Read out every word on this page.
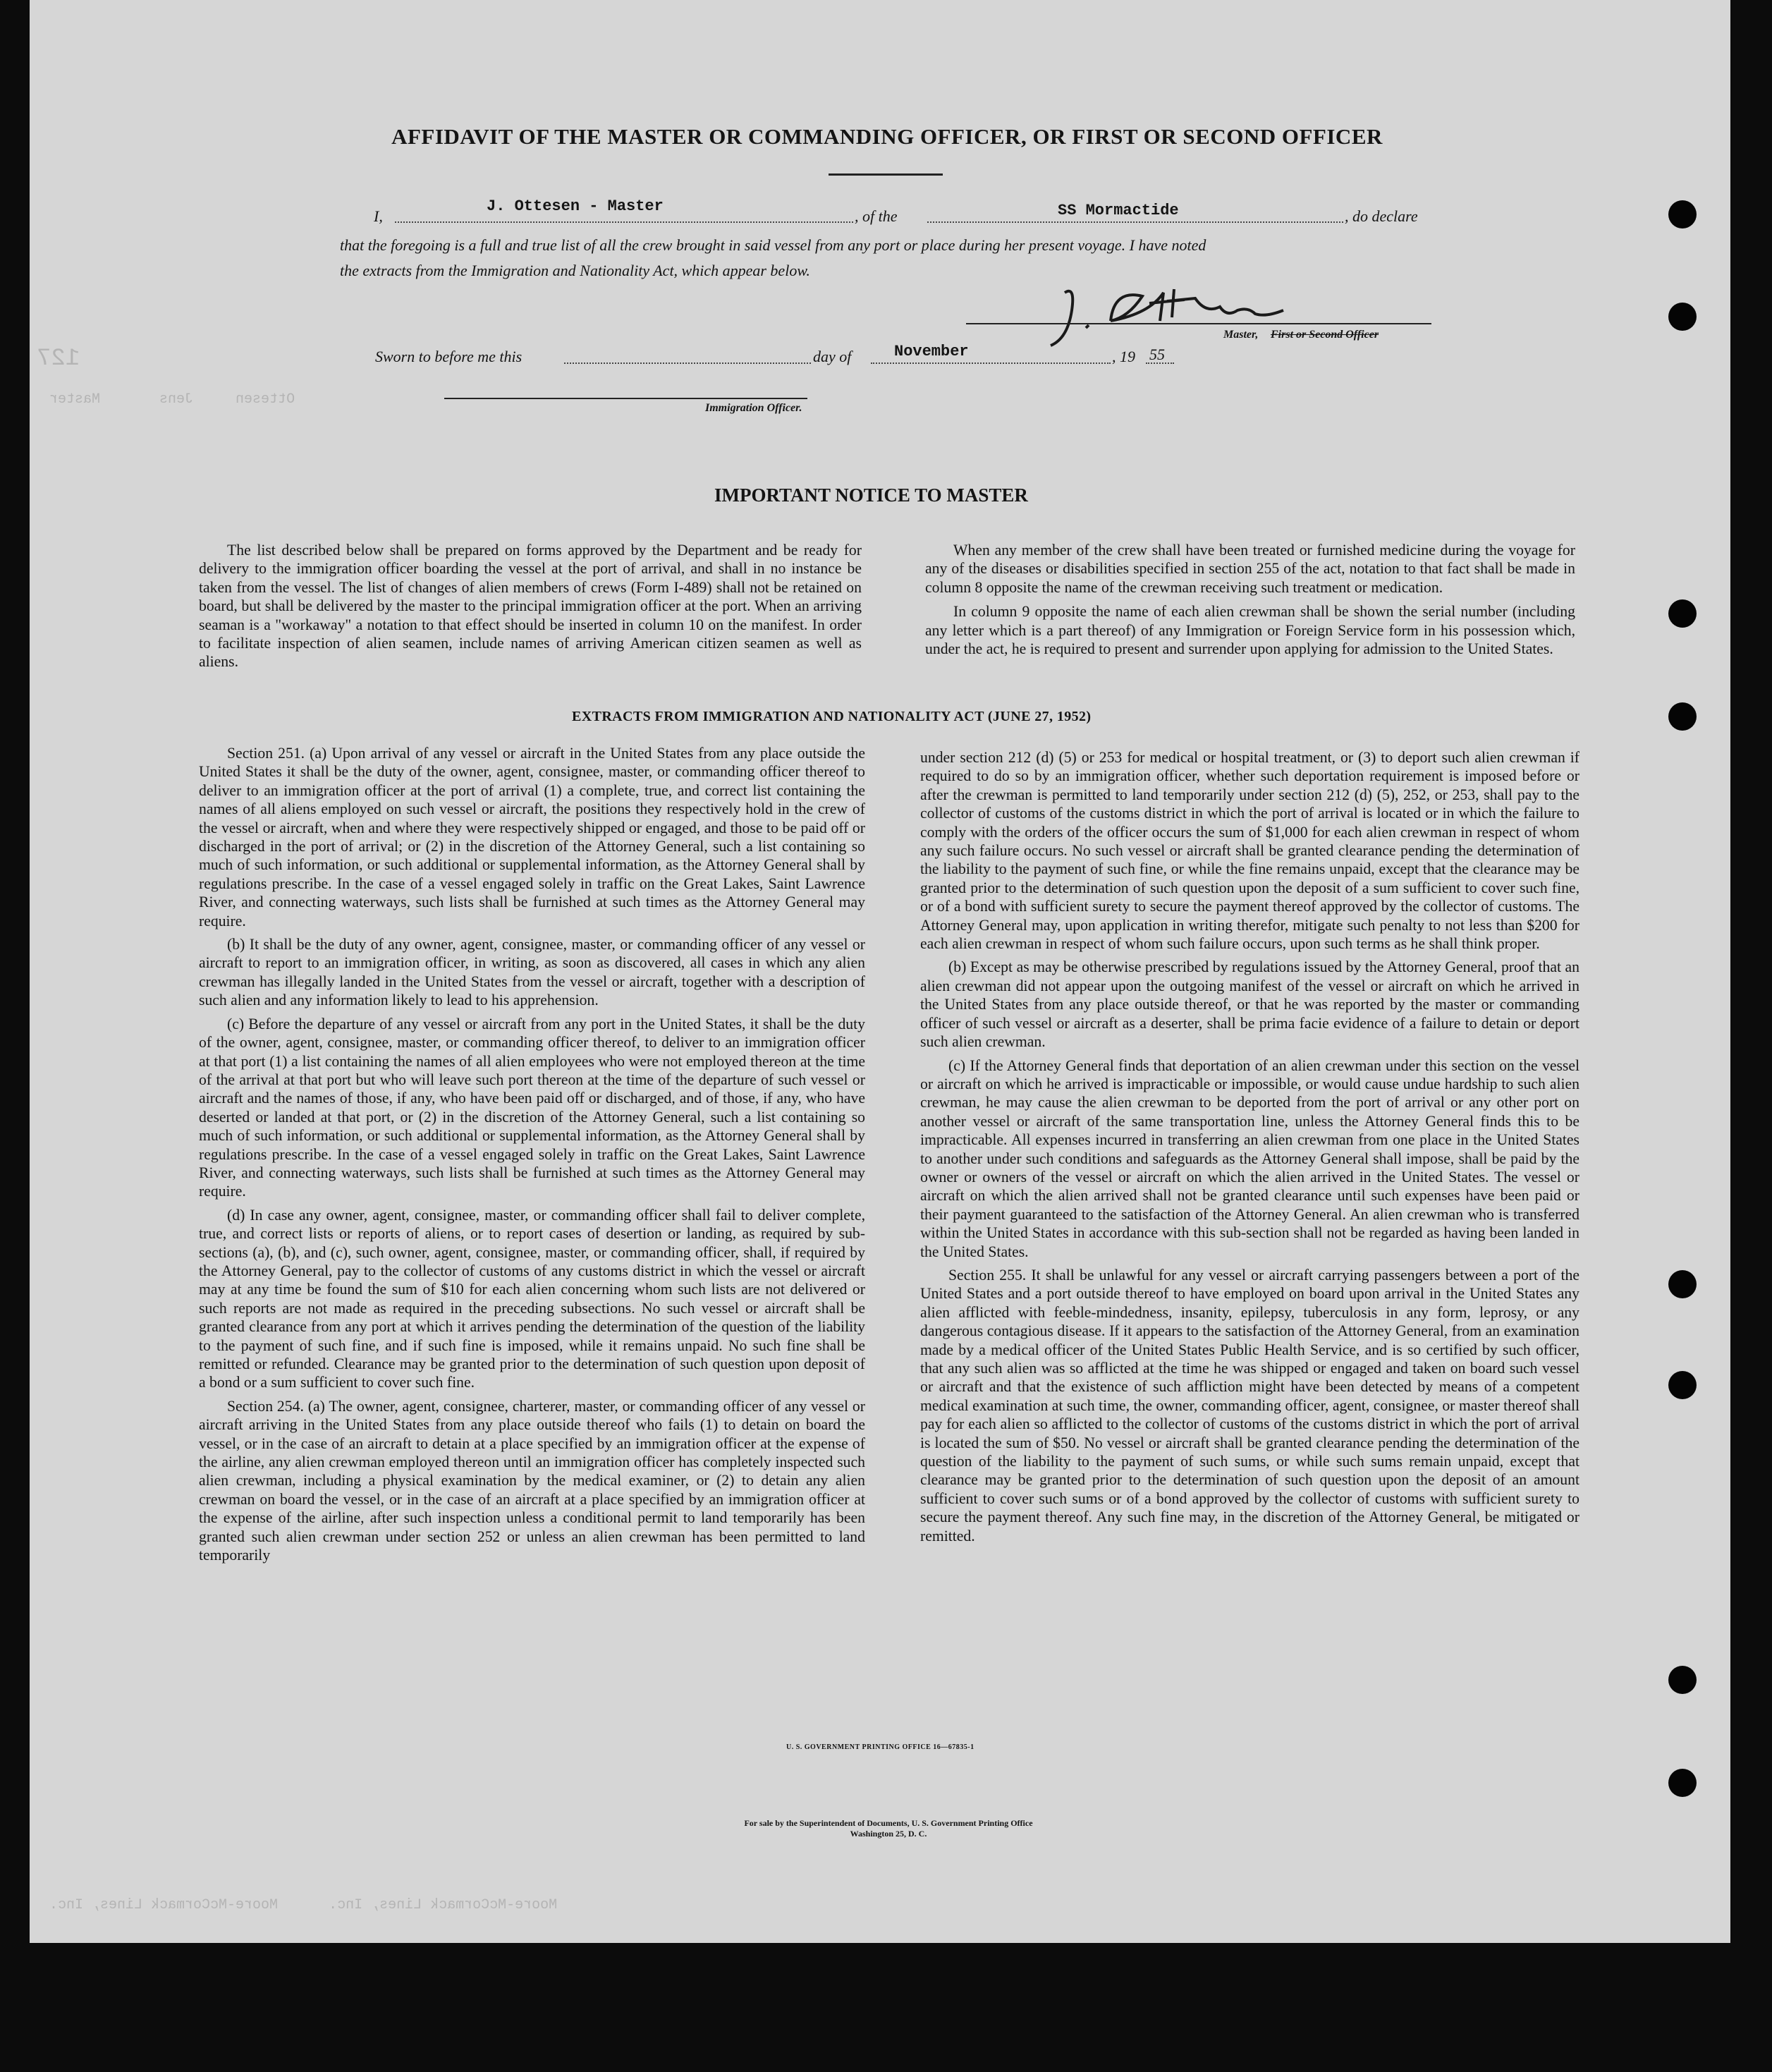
127
Ottesen     Jens       Master
Moore-McCormack Lines, Inc.      Moore-McCormack Lines, Inc.
AFFIDAVIT OF THE MASTER OR COMMANDING OFFICER, OR FIRST OR SECOND OFFICER
I,
J. Ottesen - Master
, of the	SS Mormactide	, do declare
that the foregoing is a full and true list of all the crew brought in said vessel from any port or place during her present voyage. I have noted
the extracts from the Immigration and Nationality Act, which appear below.
Master, First or Second Officer
Sworn to before me this	day of	November	, 19 55
Immigration Officer.
IMPORTANT NOTICE TO MASTER

The list described below shall be prepared on forms approved by the Department and be ready for delivery to the immigration officer boarding the vessel at the port of arrival, and shall in no instance be taken from the vessel. The list of changes of alien members of crews (Form I-489) shall not be retained on board, but shall be delivered by the master to the principal immigration officer at the port. When an arriving seaman is a "workaway" a notation to that effect should be inserted in column 10 on the manifest. In order to facilitate inspection of alien seamen, include names of arriving American citizen seamen as well as aliens.

When any member of the crew shall have been treated or furnished medicine during the voyage for any of the diseases or disabilities specified in section 255 of the act, notation to that fact shall be made in column 8 opposite the name of the crewman receiving such treatment or medication.

In column 9 opposite the name of each alien crewman shall be shown the serial number (including any letter which is a part thereof) of any Immigration or Foreign Service form in his possession which, under the act, he is required to present and surrender upon applying for admission to the United States.

EXTRACTS FROM IMMIGRATION AND NATIONALITY ACT (JUNE 27, 1952)

Section 251. (a) Upon arrival of any vessel or aircraft in the United States from any place outside the United States it shall be the duty of the owner, agent, consignee, master, or commanding officer thereof to deliver to an immigration officer at the port of arrival (1) a complete, true, and correct list containing the names of all aliens employed on such vessel or aircraft, the positions they respectively hold in the crew of the vessel or aircraft, when and where they were respectively shipped or engaged, and those to be paid off or discharged in the port of arrival; or (2) in the discretion of the Attorney General, such a list containing so much of such information, or such additional or supplemental information, as the Attorney General shall by regulations prescribe. In the case of a vessel engaged solely in traffic on the Great Lakes, Saint Lawrence River, and connecting waterways, such lists shall be furnished at such times as the Attorney General may require.

(b) It shall be the duty of any owner, agent, consignee, master, or commanding officer of any vessel or aircraft to report to an immigration officer, in writing, as soon as discovered, all cases in which any alien crewman has illegally landed in the United States from the vessel or aircraft, together with a description of such alien and any information likely to lead to his apprehension.

(c) Before the departure of any vessel or aircraft from any port in the United States, it shall be the duty of the owner, agent, consignee, master, or commanding officer thereof, to deliver to an immigration officer at that port (1) a list containing the names of all alien employees who were not employed thereon at the time of the arrival at that port but who will leave such port thereon at the time of the departure of such vessel or aircraft and the names of those, if any, who have been paid off or discharged, and of those, if any, who have deserted or landed at that port, or (2) in the discretion of the Attorney General, such a list containing so much of such information, or such additional or supplemental information, as the Attorney General shall by regulations prescribe. In the case of a vessel engaged solely in traffic on the Great Lakes, Saint Lawrence River, and connecting waterways, such lists shall be furnished at such times as the Attorney General may require.

(d) In case any owner, agent, consignee, master, or commanding officer shall fail to deliver complete, true, and correct lists or reports of aliens, or to report cases of desertion or landing, as required by sub-sections (a), (b), and (c), such owner, agent, consignee, master, or commanding officer, shall, if required by the Attorney General, pay to the collector of customs of any customs district in which the vessel or aircraft may at any time be found the sum of $10 for each alien concerning whom such lists are not delivered or such reports are not made as required in the preceding subsections. No such vessel or aircraft shall be granted clearance from any port at which it arrives pending the determination of the question of the liability to the payment of such fine, and if such fine is imposed, while it remains unpaid. No such fine shall be remitted or refunded. Clearance may be granted prior to the determination of such question upon deposit of a bond or a sum sufficient to cover such fine.

Section 254. (a) The owner, agent, consignee, charterer, master, or commanding officer of any vessel or aircraft arriving in the United States from any place outside thereof who fails (1) to detain on board the vessel, or in the case of an aircraft to detain at a place specified by an immigration officer at the expense of the airline, any alien crewman employed thereon until an immigration officer has completely inspected such alien crewman, including a physical examination by the medical examiner, or (2) to detain any alien crewman on board the vessel, or in the case of an aircraft at a place specified by an immigration officer at the expense of the airline, after such inspection unless a conditional permit to land temporarily has been granted such alien crewman under section 252 or unless an alien crewman has been permitted to land temporarily

under section 212 (d) (5) or 253 for medical or hospital treatment, or (3) to deport such alien crewman if required to do so by an immigration officer, whether such deportation requirement is imposed before or after the crewman is permitted to land temporarily under section 212 (d) (5), 252, or 253, shall pay to the collector of customs of the customs district in which the port of arrival is located or in which the failure to comply with the orders of the officer occurs the sum of $1,000 for each alien crewman in respect of whom any such failure occurs. No such vessel or aircraft shall be granted clearance pending the determination of the liability to the payment of such fine, or while the fine remains unpaid, except that the clearance may be granted prior to the determination of such question upon the deposit of a sum sufficient to cover such fine, or of a bond with sufficient surety to secure the payment thereof approved by the collector of customs. The Attorney General may, upon application in writing therefor, mitigate such penalty to not less than $200 for each alien crewman in respect of whom such failure occurs, upon such terms as he shall think proper.

(b) Except as may be otherwise prescribed by regulations issued by the Attorney General, proof that an alien crewman did not appear upon the outgoing manifest of the vessel or aircraft on which he arrived in the United States from any place outside thereof, or that he was reported by the master or commanding officer of such vessel or aircraft as a deserter, shall be prima facie evidence of a failure to detain or deport such alien crewman.

(c) If the Attorney General finds that deportation of an alien crewman under this section on the vessel or aircraft on which he arrived is impracticable or impossible, or would cause undue hardship to such alien crewman, he may cause the alien crewman to be deported from the port of arrival or any other port on another vessel or aircraft of the same transportation line, unless the Attorney General finds this to be impracticable. All expenses incurred in transferring an alien crewman from one place in the United States to another under such conditions and safeguards as the Attorney General shall impose, shall be paid by the owner or owners of the vessel or aircraft on which the alien arrived in the United States. The vessel or aircraft on which the alien arrived shall not be granted clearance until such expenses have been paid or their payment guaranteed to the satisfaction of the Attorney General. An alien crewman who is transferred within the United States in accordance with this sub-section shall not be regarded as having been landed in the United States.

Section 255. It shall be unlawful for any vessel or aircraft carrying passengers between a port of the United States and a port outside thereof to have employed on board upon arrival in the United States any alien afflicted with feeble-mindedness, insanity, epilepsy, tuberculosis in any form, leprosy, or any dangerous contagious disease. If it appears to the satisfaction of the Attorney General, from an examination made by a medical officer of the United States Public Health Service, and is so certified by such officer, that any such alien was so afflicted at the time he was shipped or engaged and taken on board such vessel or aircraft and that the existence of such affliction might have been detected by means of a competent medical examination at such time, the owner, commanding officer, agent, consignee, or master thereof shall pay for each alien so afflicted to the collector of customs of the customs district in which the port of arrival is located the sum of $50. No vessel or aircraft shall be granted clearance pending the determination of the question of the liability to the payment of such sums, or while such sums remain unpaid, except that clearance may be granted prior to the determination of such question upon the deposit of an amount sufficient to cover such sums or of a bond approved by the collector of customs with sufficient surety to secure the payment thereof. Any such fine may, in the discretion of the Attorney General, be mitigated or remitted.

U. S. GOVERNMENT PRINTING OFFICE 16—67835-1
For sale by the Superintendent of Documents, U. S. Government Printing Office
Washington 25, D. C.
